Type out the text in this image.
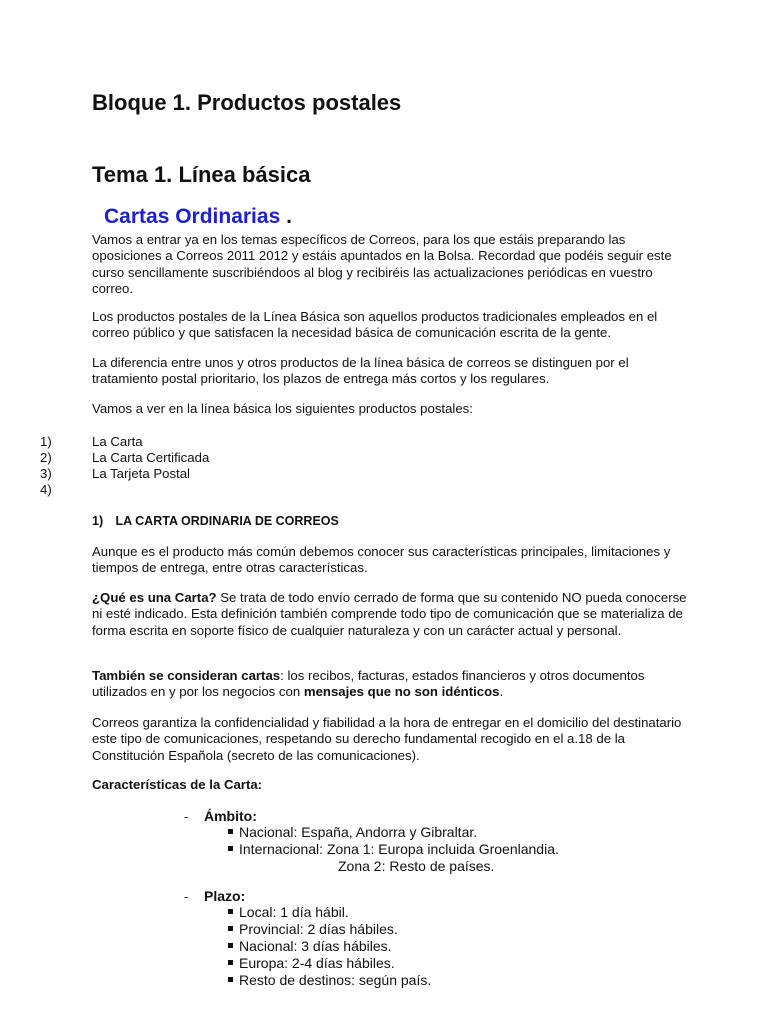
Bloque 1. Productos postales
Tema 1. Línea básica
Cartas Ordinarias .

Vamos a entrar ya en los temas específicos de Correos, para los que estáis preparando las oposiciones a Correos 2011 2012 y estáis apuntados en la Bolsa. Recordad que podéis seguir este curso sencillamente suscribiéndoos al blog y recibiréis las actualizaciones periódicas en vuestro correo.

Los productos postales de la Línea Básica son aquellos productos tradicionales empleados en el correo público y que satisfacen la necesidad básica de comunicación escrita de la gente.

La diferencia entre unos y otros productos de la línea básica de correos se distinguen por el tratamiento postal prioritario, los plazos de entrega más cortos y los regulares.

Vamos a ver en la línea básica los siguientes productos postales:

1)	La Carta
2)	La Carta Certificada
3)	La Tarjeta Postal
4)
1) LA CARTA ORDINARIA DE CORREOS

Aunque es el producto más común debemos conocer sus características principales, limitaciones y tiempos de entrega, entre otras características.

¿Qué es una Carta? Se trata de todo envío cerrado de forma que su contenido NO pueda conocerse ni esté indicado. Esta definición también comprende todo tipo de comunicación que se materializa de forma escrita en soporte físico de cualquier naturaleza y con un carácter actual y personal.

También se consideran cartas: los recibos, facturas, estados financieros y otros documentos utilizados en y por los negocios con mensajes que no son idénticos.

Correos garantiza la confidencialidad y fiabilidad a la hora de entregar en el domicilio del destinatario este tipo de comunicaciones, respetando su derecho fundamental recogido en el a.18 de la Constitución Española (secreto de las comunicaciones).

Características de la Carta:

- Ámbito:
Nacional: España, Andorra y Gibraltar.
Internacional: Zona 1: Europa incluida Groenlandia.
Zona 2: Resto de países.
- Plazo:
Local: 1 día hábil.
Provincial: 2 días hábiles.
Nacional: 3 días hábiles.
Europa: 2-4 días hábiles.
Resto de destinos: según país.
